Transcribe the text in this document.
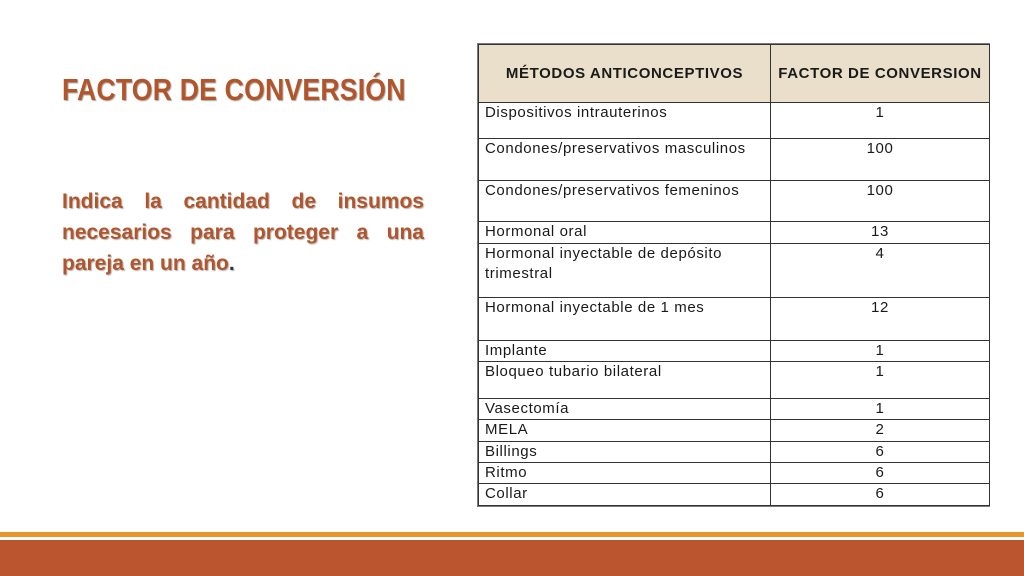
FACTOR DE CONVERSIÓN

Indica la cantidad de insumos necesarios para proteger a una pareja en un año.

MÉTODOS ANTICONCEPTIVOS	FACTOR DE CONVERSION
Dispositivos intrauterinos	1
Condones/preservativos masculinos	100
Condones/preservativos femeninos	100
Hormonal oral	13
Hormonal inyectable de depósito trimestral	4
Hormonal inyectable de 1 mes	12
Implante	1
Bloqueo tubario bilateral	1
Vasectomía	1
MELA	2
Billings	6
Ritmo	6
Collar	6
